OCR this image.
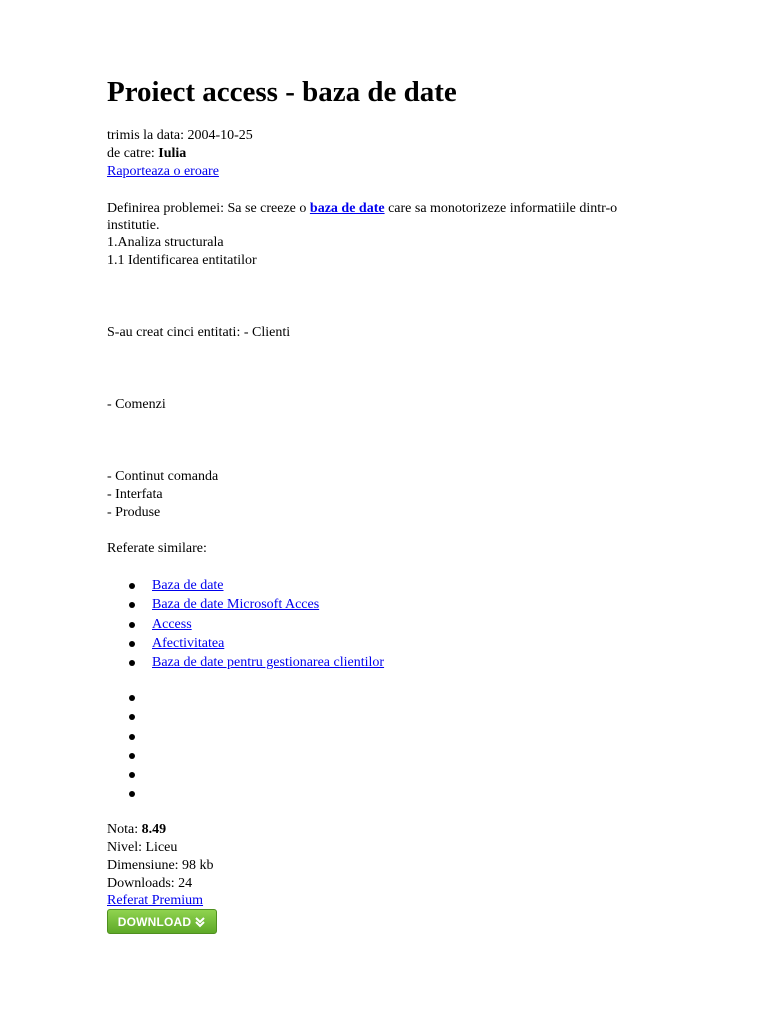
Proiect access - baza de date
trimis la data: 2004-10-25
de catre: Iulia
Raporteaza o eroare
Definirea problemei: Sa se creeze o baza de date care sa monotorizeze informatiile dintr-o institutie.
1.Analiza structurala
1.1 Identificarea entitatilor
S-au creat cinci entitati: - Clienti
- Comenzi
- Continut comanda
- Interfata
- Produse
Referate similare:
Baza de date
Baza de date Microsoft Acces
Access
Afectivitatea
Baza de date pentru gestionarea clientilor
Nota: 8.49
Nivel: Liceu
Dimensiune: 98 kb
Downloads: 24
Referat Premium
DOWNLOAD
